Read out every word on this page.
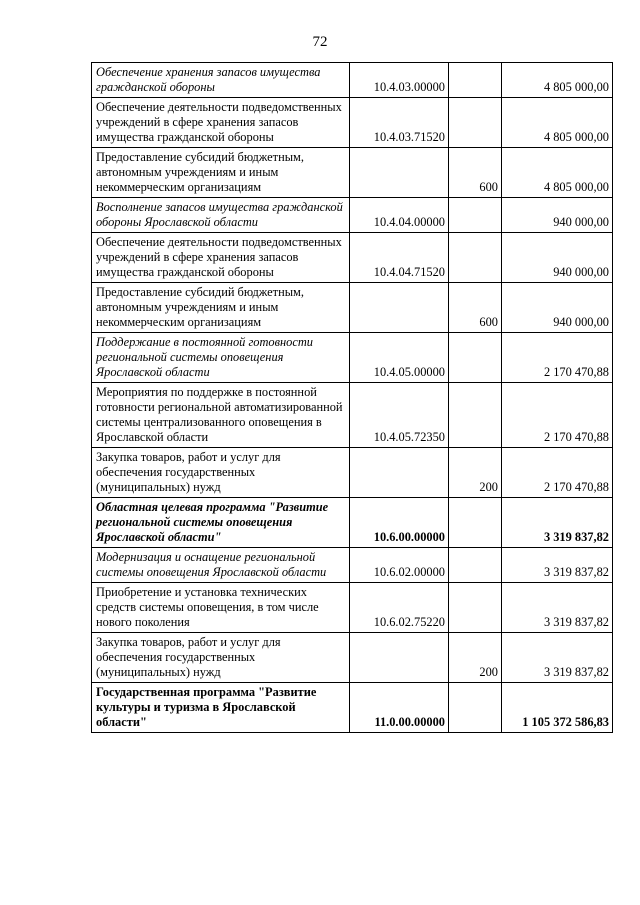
72
Обеспечение хранения запасов имущества гражданской обороны	10.4.03.00000		4 805 000,00
Обеспечение деятельности подведомственных учреждений в сфере хранения запасов имущества гражданской обороны	10.4.03.71520		4 805 000,00
Предоставление субсидий бюджетным, автономным учреждениям и иным некоммерческим организациям		600	4 805 000,00
Восполнение запасов имущества гражданской обороны Ярославской области	10.4.04.00000		940 000,00
Обеспечение деятельности подведомственных учреждений в сфере хранения запасов имущества гражданской обороны	10.4.04.71520		940 000,00
Предоставление субсидий бюджетным, автономным учреждениям и иным некоммерческим организациям		600	940 000,00
Поддержание в постоянной готовности региональной системы оповещения Ярославской области	10.4.05.00000		2 170 470,88
Мероприятия по поддержке в постоянной готовности региональной автоматизированной системы централизованного оповещения в Ярославской области	10.4.05.72350		2 170 470,88
Закупка товаров, работ и услуг для обеспечения государственных (муниципальных) нужд		200	2 170 470,88
Областная целевая программа "Развитие региональной системы оповещения Ярославской области"	10.6.00.00000		3 319 837,82
Модернизация и оснащение региональной системы оповещения Ярославской области	10.6.02.00000		3 319 837,82
Приобретение и установка технических средств системы оповещения, в том числе нового поколения	10.6.02.75220		3 319 837,82
Закупка товаров, работ и услуг для обеспечения государственных (муниципальных) нужд		200	3 319 837,82
Государственная программа "Развитие культуры и туризма в Ярославской области"	11.0.00.00000		1 105 372 586,83
